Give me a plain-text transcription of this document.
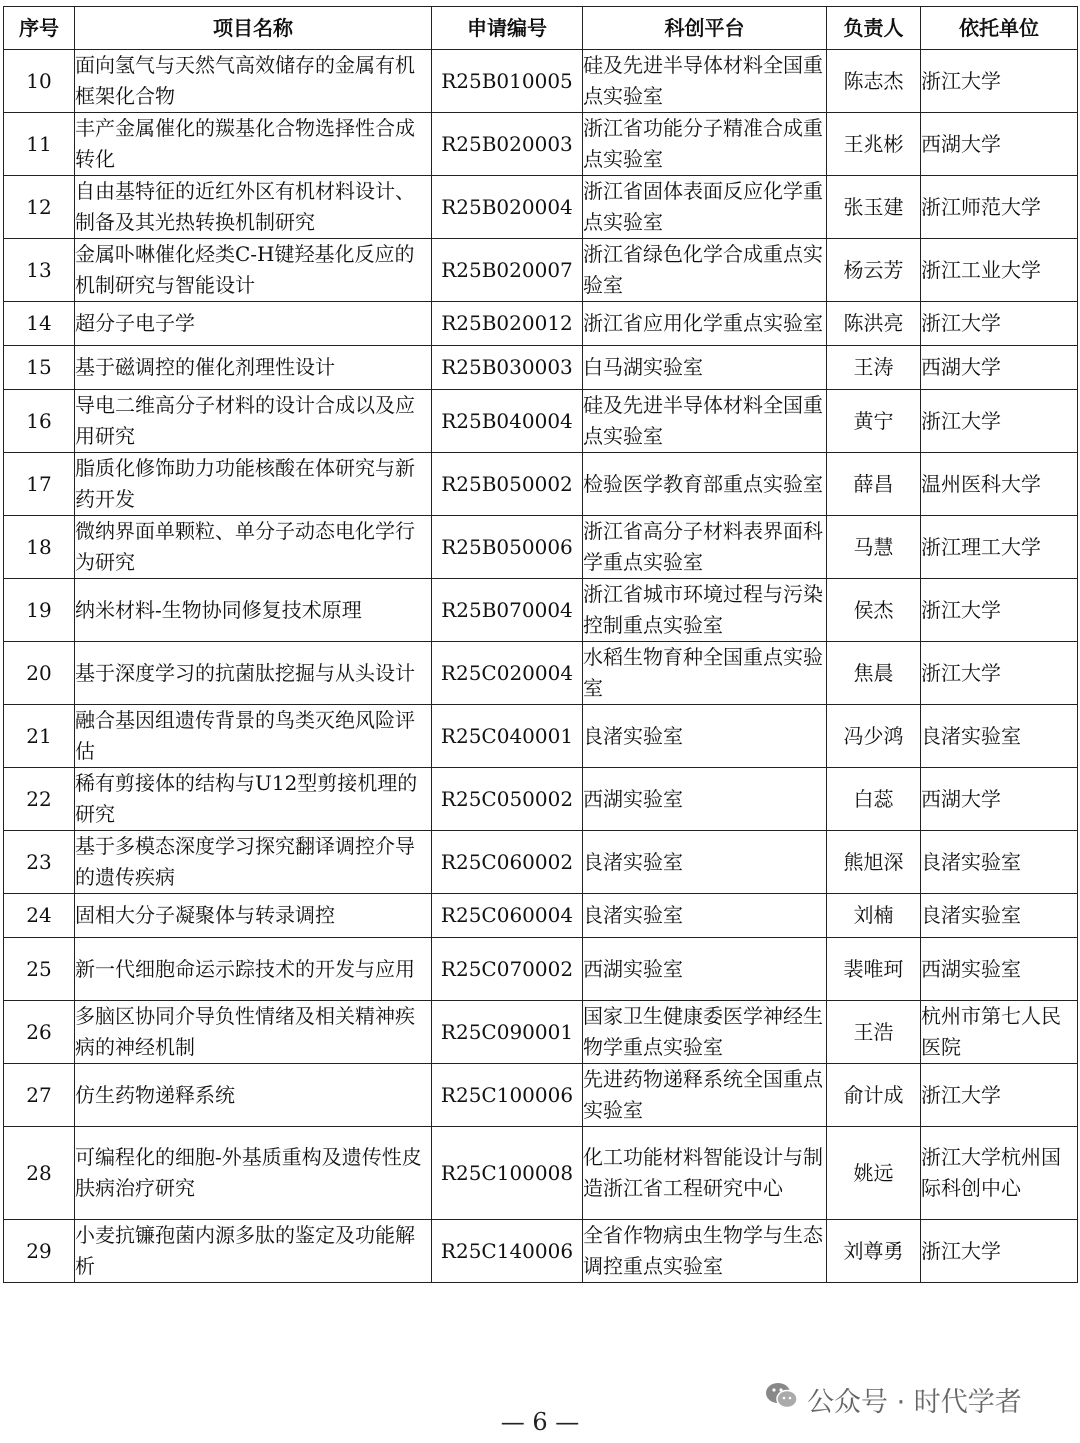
序号	项目名称	申请编号	科创平台	负责人	依托单位
10	面向氢气与天然气高效储存的金属有机框架化合物	R25B010005	硅及先进半导体材料全国重点实验室	陈志杰	浙江大学
11	丰产金属催化的羰基化合物选择性合成转化	R25B020003	浙江省功能分子精准合成重点实验室	王兆彬	西湖大学
12	自由基特征的近红外区有机材料设计、制备及其光热转换机制研究	R25B020004	浙江省固体表面反应化学重点实验室	张玉建	浙江师范大学
13	金属卟啉催化烃类C-H键羟基化反应的机制研究与智能设计	R25B020007	浙江省绿色化学合成重点实验室	杨云芳	浙江工业大学
14	超分子电子学	R25B020012	浙江省应用化学重点实验室	陈洪亮	浙江大学
15	基于磁调控的催化剂理性设计	R25B030003	白马湖实验室	王涛	西湖大学
16	导电二维高分子材料的设计合成以及应用研究	R25B040004	硅及先进半导体材料全国重点实验室	黄宁	浙江大学
17	脂质化修饰助力功能核酸在体研究与新药开发	R25B050002	检验医学教育部重点实验室	薛昌	温州医科大学
18	微纳界面单颗粒、单分子动态电化学行为研究	R25B050006	浙江省高分子材料表界面科学重点实验室	马慧	浙江理工大学
19	纳米材料-生物协同修复技术原理	R25B070004	浙江省城市环境过程与污染控制重点实验室	侯杰	浙江大学
20	基于深度学习的抗菌肽挖掘与从头设计	R25C020004	水稻生物育种全国重点实验室	焦晨	浙江大学
21	融合基因组遗传背景的鸟类灭绝风险评估	R25C040001	良渚实验室	冯少鸿	良渚实验室
22	稀有剪接体的结构与U12型剪接机理的研究	R25C050002	西湖实验室	白蕊	西湖大学
23	基于多模态深度学习探究翻译调控介导的遗传疾病	R25C060002	良渚实验室	熊旭深	良渚实验室
24	固相大分子凝聚体与转录调控	R25C060004	良渚实验室	刘楠	良渚实验室
25	新一代细胞命运示踪技术的开发与应用	R25C070002	西湖实验室	裴唯珂	西湖实验室
26	多脑区协同介导负性情绪及相关精神疾病的神经机制	R25C090001	国家卫生健康委医学神经生物学重点实验室	王浩	杭州市第七人民医院
27	仿生药物递释系统	R25C100006	先进药物递释系统全国重点实验室	俞计成	浙江大学
28	可编程化的细胞-外基质重构及遗传性皮肤病治疗研究	R25C100008	化工功能材料智能设计与制造浙江省工程研究中心	姚远	浙江大学杭州国际科创中心
29	小麦抗镰孢菌内源多肽的鉴定及功能解析	R25C140006	全省作物病虫生物学与生态调控重点实验室	刘尊勇	浙江大学
公众号 · 时代学者
— 6 —
